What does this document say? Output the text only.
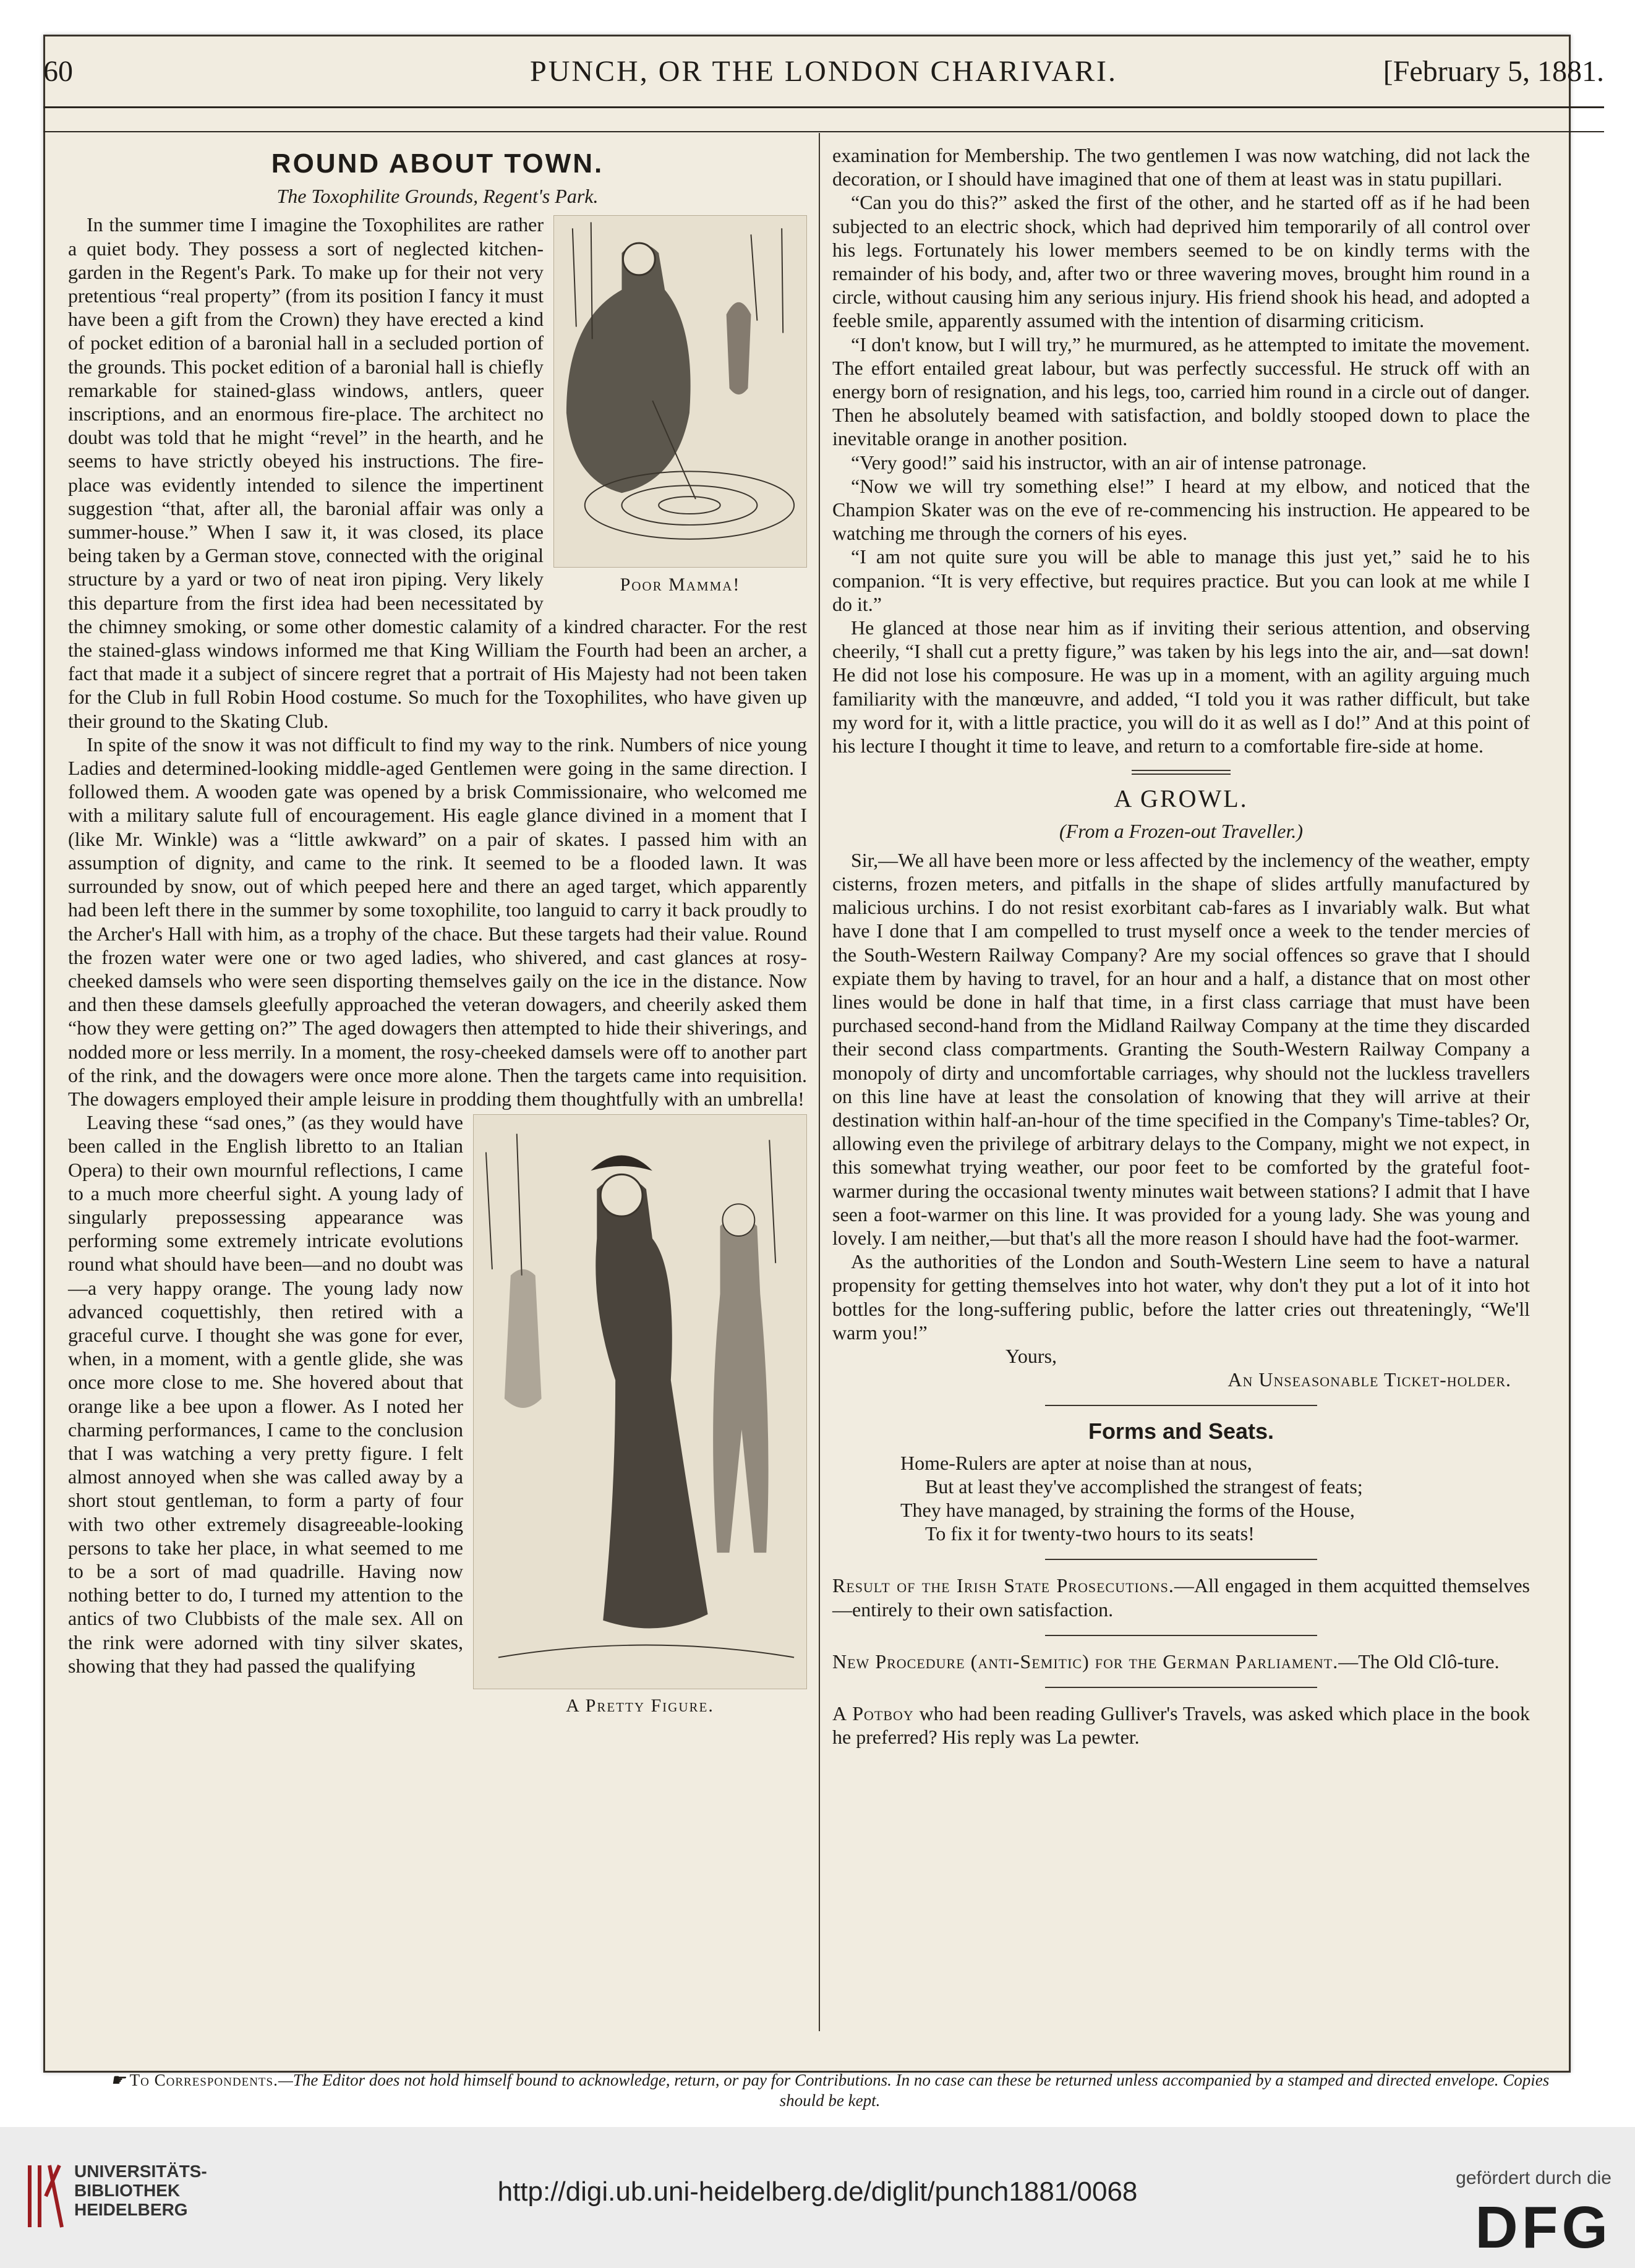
60	PUNCH, OR THE LONDON CHARIVARI.	[February 5, 1881.
ROUND ABOUT TOWN.
The Toxophilite Grounds, Regent's Park.
Poor Mamma!

In the summer time I imagine the Toxophilites are rather a quiet body. They possess a sort of neglected kitchen-garden in the Regent's Park. To make up for their not very pretentious “real property” (from its position I fancy it must have been a gift from the Crown) they have erected a kind of pocket edition of a baronial hall in a secluded portion of the grounds. This pocket edition of a baronial hall is chiefly remarkable for stained-glass windows, antlers, queer inscriptions, and an enormous fire-place. The architect no doubt was told that he might “revel” in the hearth, and he seems to have strictly obeyed his instructions. The fire-place was evidently intended to silence the impertinent suggestion “that, after all, the baronial affair was only a summer-house.” When I saw it, it was closed, its place being taken by a German stove, connected with the original structure by a yard or two of neat iron piping. Very likely this departure from the first idea had been necessitated by the chimney smoking, or some other domestic calamity of a kindred character. For the rest the stained-glass windows informed me that King William the Fourth had been an archer, a fact that made it a subject of sincere regret that a portrait of His Majesty had not been taken for the Club in full Robin Hood costume. So much for the Toxophilites, who have given up their ground to the Skating Club.

In spite of the snow it was not difficult to find my way to the rink. Numbers of nice young Ladies and determined-looking middle-aged Gentlemen were going in the same direction. I followed them. A wooden gate was opened by a brisk Commissionaire, who welcomed me with a military salute full of encouragement. His eagle glance divined in a moment that I (like Mr. Winkle) was a “little awkward” on a pair of skates. I passed him with an assumption of dignity, and came to the rink. It seemed to be a flooded lawn. It was surrounded by snow, out of which peeped here and there an aged target, which apparently had been left there in the summer by some toxophilite, too languid to carry it back proudly to the Archer's Hall with him, as a trophy of the chace. But these targets had their value. Round the frozen water were one or two aged ladies, who shivered, and cast glances at rosy-cheeked damsels who were seen disporting themselves gaily on the ice in the distance. Now and then these damsels gleefully approached the veteran dowagers, and cheerily asked them “how they were getting on?” The aged dowagers then attempted to hide their shiverings, and nodded more or less merrily. In a moment, the rosy-cheeked damsels were off to another part of the rink, and the dowagers were once more alone. Then the targets came into requisition. The dowagers employed their ample leisure in prodding them thoughtfully with an umbrella!

A Pretty Figure.

Leaving these “sad ones,” (as they would have been called in the English libretto to an Italian Opera) to their own mournful reflections, I came to a much more cheerful sight. A young lady of singularly prepossessing appearance was performing some extremely intricate evolutions round what should have been—and no doubt was—a very happy orange. The young lady now advanced coquettishly, then retired with a graceful curve. I thought she was gone for ever, when, in a moment, with a gentle glide, she was once more close to me. She hovered about that orange like a bee upon a flower. As I noted her charming performances, I came to the conclusion that I was watching a very pretty figure. I felt almost annoyed when she was called away by a short stout gentleman, to form a party of four with two other extremely disagreeable-looking persons to take her place, in what seemed to me to be a sort of mad quadrille. Having now nothing better to do, I turned my attention to the antics of two Clubbists of the male sex. All on the rink were adorned with tiny silver skates, showing that they had passed the qualifying

examination for Membership. The two gentlemen I was now watching, did not lack the decoration, or I should have imagined that one of them at least was in statu pupillari.

“Can you do this?” asked the first of the other, and he started off as if he had been subjected to an electric shock, which had deprived him temporarily of all control over his legs. Fortunately his lower members seemed to be on kindly terms with the remainder of his body, and, after two or three wavering moves, brought him round in a circle, without causing him any serious injury. His friend shook his head, and adopted a feeble smile, apparently assumed with the intention of disarming criticism.

“I don't know, but I will try,” he murmured, as he attempted to imitate the movement. The effort entailed great labour, but was perfectly successful. He struck off with an energy born of resignation, and his legs, too, carried him round in a circle out of danger. Then he absolutely beamed with satisfaction, and boldly stooped down to place the inevitable orange in another position.

“Very good!” said his instructor, with an air of intense patronage.

“Now we will try something else!” I heard at my elbow, and noticed that the Champion Skater was on the eve of re-commencing his instruction. He appeared to be watching me through the corners of his eyes.

“I am not quite sure you will be able to manage this just yet,” said he to his companion. “It is very effective, but requires practice. But you can look at me while I do it.”

He glanced at those near him as if inviting their serious attention, and observing cheerily, “I shall cut a pretty figure,” was taken by his legs into the air, and—sat down! He did not lose his composure. He was up in a moment, with an agility arguing much familiarity with the manœuvre, and added, “I told you it was rather difficult, but take my word for it, with a little practice, you will do it as well as I do!” And at this point of his lecture I thought it time to leave, and return to a comfortable fire-side at home.

A GROWL.
(From a Frozen-out Traveller.)

Sir,—We all have been more or less affected by the inclemency of the weather, empty cisterns, frozen meters, and pitfalls in the shape of slides artfully manufactured by malicious urchins. I do not resist exorbitant cab-fares as I invariably walk. But what have I done that I am compelled to trust myself once a week to the tender mercies of the South-Western Railway Company? Are my social offences so grave that I should expiate them by having to travel, for an hour and a half, a distance that on most other lines would be done in half that time, in a first class carriage that must have been purchased second-hand from the Midland Railway Company at the time they discarded their second class compartments. Granting the South-Western Railway Company a monopoly of dirty and uncomfortable carriages, why should not the luckless travellers on this line have at least the consolation of knowing that they will arrive at their destination within half-an-hour of the time specified in the Company's Time-tables? Or, allowing even the privilege of arbitrary delays to the Company, might we not expect, in this somewhat trying weather, our poor feet to be comforted by the grateful foot-warmer during the occasional twenty minutes wait between stations? I admit that I have seen a foot-warmer on this line. It was provided for a young lady. She was young and lovely. I am neither,—but that's all the more reason I should have had the foot-warmer.

As the authorities of the London and South-Western Line seem to have a natural propensity for getting themselves into hot water, why don't they put a lot of it into hot bottles for the long-suffering public, before the latter cries out threateningly, “We'll warm you!”

Yours,

An Unseasonable Ticket-holder.

Forms and Seats.

Home-Rulers are apter at noise than at nous,

But at least they've accomplished the strangest of feats;

They have managed, by straining the forms of the House,

To fix it for twenty-two hours to its seats!

Result of the Irish State Prosecutions.—All engaged in them acquitted themselves—entirely to their own satisfaction.

New Procedure (anti-Semitic) for the German Parliament.—The Old Clô-ture.

A Potboy who had been reading Gulliver's Travels, was asked which place in the book he preferred? His reply was La pewter.

☛ To Correspondents.—The Editor does not hold himself bound to acknowledge, return, or pay for Contributions. In no case can these be returned unless accompanied by a stamped and directed envelope. Copies should be kept.
UNIVERSITÄTS-
BIBLIOTHEK
HEIDELBERG
http://digi.ub.uni-heidelberg.de/diglit/punch1881/0068	gefördert durch die
DFG
